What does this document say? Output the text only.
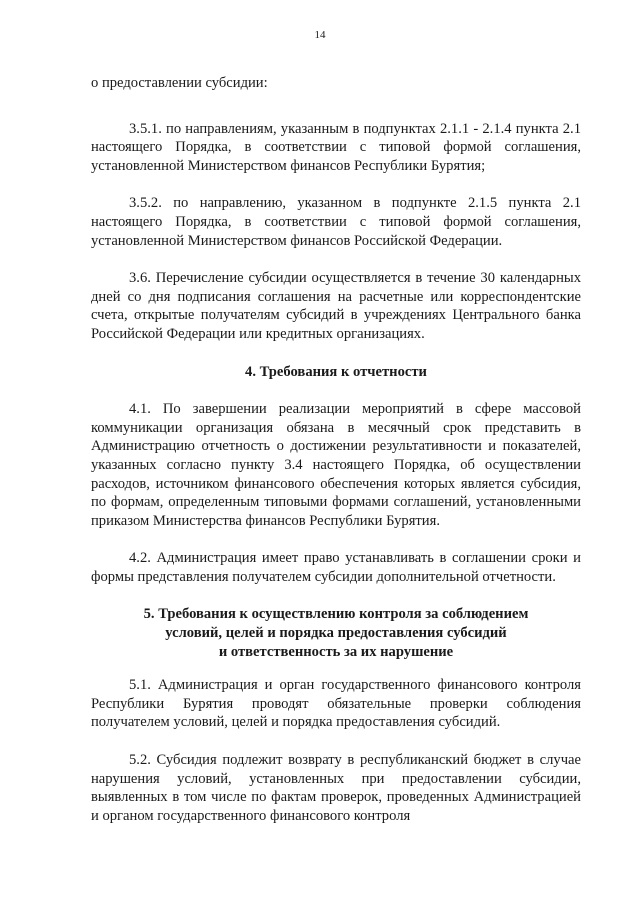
14

о предоставлении субсидии:

3.5.1. по направлениям, указанным в подпунктах 2.1.1 - 2.1.4 пункта 2.1 настоящего Порядка, в соответствии с типовой формой соглашения, установленной Министерством финансов Республики Бурятия;

3.5.2. по направлению, указанном в подпункте 2.1.5 пункта 2.1 настоящего Порядка, в соответствии с типовой формой соглашения, установленной Министерством финансов Российской Федерации.

3.6. Перечисление субсидии осуществляется в течение 30 календарных дней со дня подписания соглашения на расчетные или корреспондентские счета, открытые получателям субсидий в учреждениях Центрального банка Российской Федерации или кредитных организациях.

4. Требования к отчетности

4.1. По завершении реализации мероприятий в сфере массовой коммуникации организация обязана в месячный срок представить в Администрацию отчетность о достижении результативности и показателей, указанных согласно пункту 3.4 настоящего Порядка, об осуществлении расходов, источником финансового обеспечения которых является субсидия, по формам, определенным типовыми формами соглашений, установленными приказом Министерства финансов Республики Бурятия.

4.2. Администрация имеет право устанавливать в соглашении сроки и формы представления получателем субсидии дополнительной отчетности.

5. Требования к осуществлению контроля за соблюдением
условий, целей и порядка предоставления субсидий
и ответственность за их нарушение

5.1. Администрация и орган государственного финансового контроля Республики Бурятия проводят обязательные проверки соблюдения получателем условий, целей и порядка предоставления субсидий.

5.2. Субсидия подлежит возврату в республиканский бюджет в случае нарушения условий, установленных при предоставлении субсидии, выявленных в том числе по фактам проверок, проведенных Администрацией и органом государственного финансового контроля
